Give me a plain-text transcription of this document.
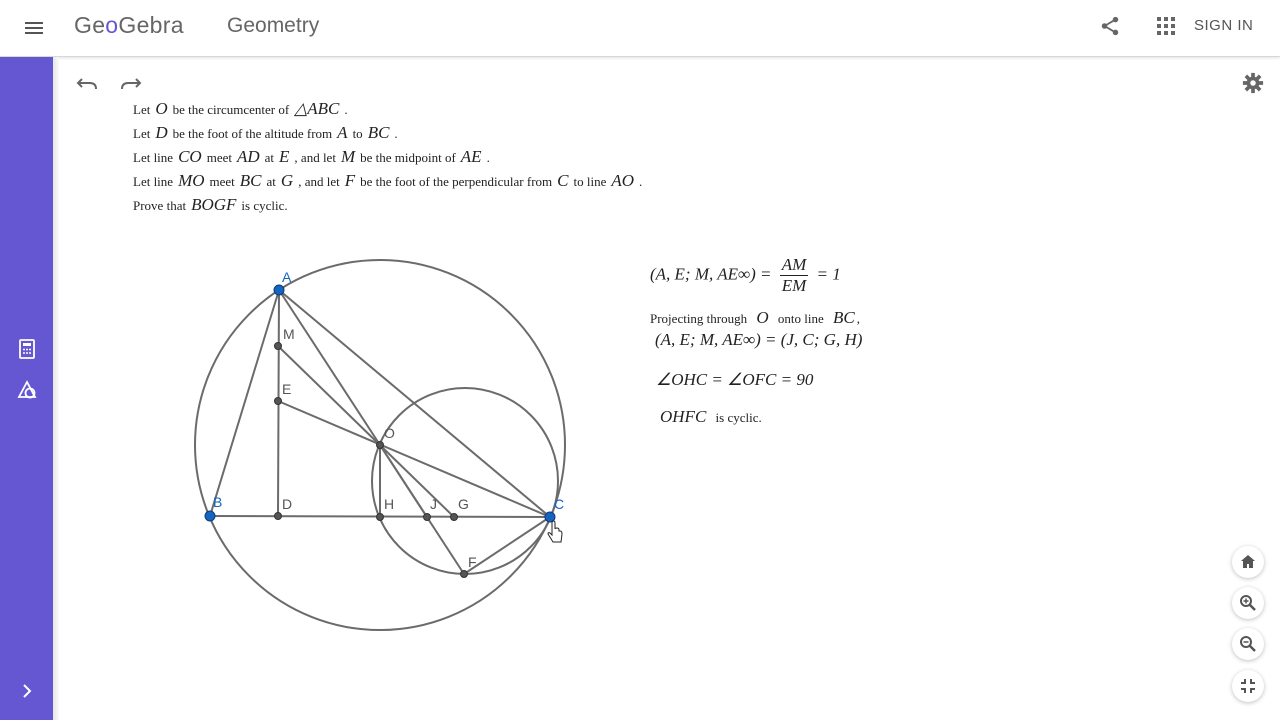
GeoGebra Geometry	SIGN IN
Let O be the circumcenter of △ABC .
Let D be the foot of the altitude from A to BC .
Let line CO meet AD at E , and let M be the midpoint of AE .
Let line MO meet BC at G , and let F be the foot of the perpendicular from C to line AO .
Prove that BOGF is cyclic.
A
B	C
D
E
M
O
H	J G
F
(A, E; M, $AE\infty) = \frac{AM}{EM} = 1$
Projecting through O onto line BC ,
(A, E; M, AE∞) = (J, C; G, H)
∠OHC = ∠OFC = 90
OHFC is cyclic.
